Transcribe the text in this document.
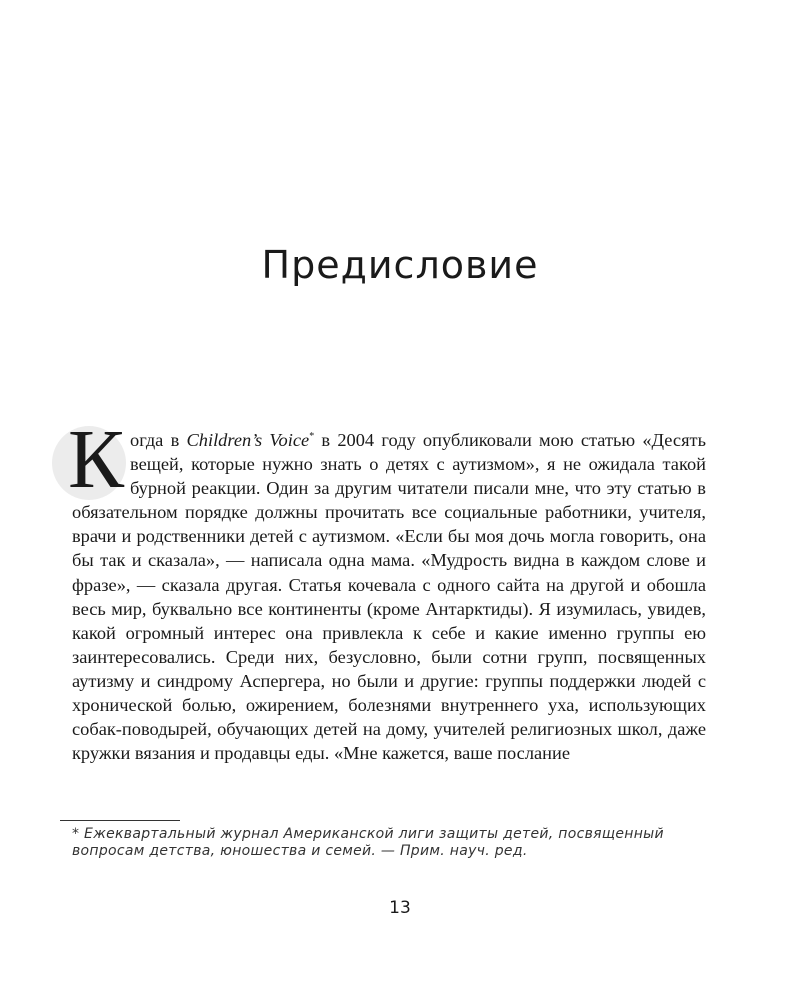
Предисловие

К огда в Children’s Voice* в 2004 году опубликовали мою статью «Десять вещей, которые нужно знать о детях с аутизмом», я не ожидала такой бурной реакции. Один за другим читатели писали мне, что эту статью в обязательном порядке должны прочитать все социальные работники, учителя, врачи и родственники детей с аутизмом. «Если бы моя дочь могла говорить, она бы так и сказала», — написала одна мама. «Мудрость видна в каждом слове и фразе», — сказала другая. Статья кочевала с одного сайта на другой и обошла весь мир, буквально все континенты (кроме Антарктиды). Я изумилась, увидев, какой огромный интерес она привлекла к себе и какие именно группы ею заинтересовались. Среди них, безусловно, были сотни групп, посвященных аутизму и синдрому Аспергера, но были и другие: группы поддержки людей с хронической болью, ожирением, болезнями внутреннего уха, использующих собак-поводырей, обучающих детей на дому, учителей религиозных школ, даже кружки вязания и продавцы еды. «Мне кажется, ваше послание

* Ежеквартальный журнал Американской лиги защиты детей, посвященный вопросам детства, юношества и семей. — Прим. науч. ред.

13
